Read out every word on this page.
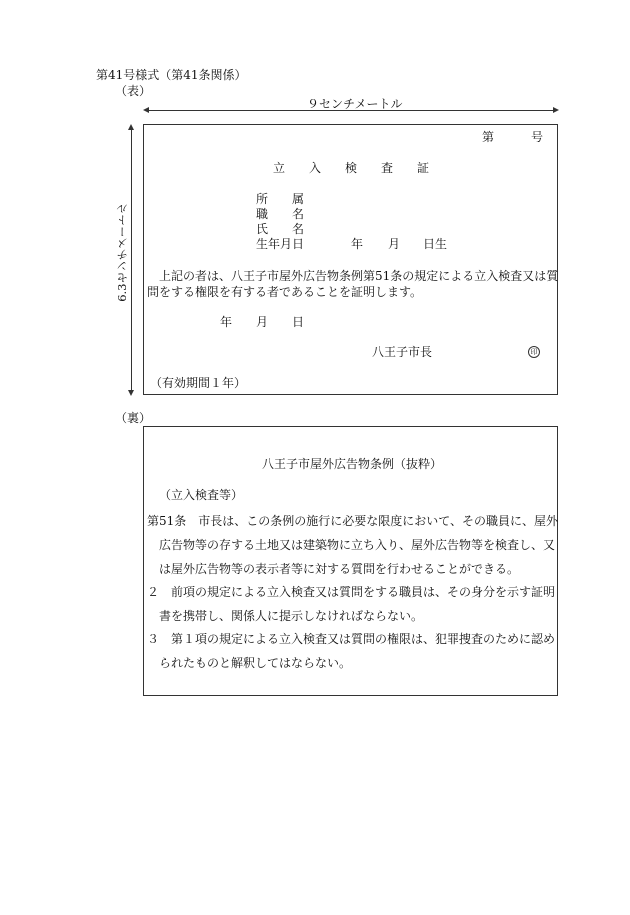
第41号様式（第41条関係）
（表）
９センチメートル
6.3センチメートル
第	号
立 入 検 査 証
所 属
職 名
氏 名
生年月日	年 月 日生
上記の者は、八王子市屋外広告物条例第51条の規定による立入検査又は質
問をする権限を有する者であることを証明します。
年 月 日
八王子市長	印
（有効期間１年）
（裏）
八王子市屋外広告物条例（抜粋）
（立入検査等）
第51条　市長は、この条例の施行に必要な限度において、その職員に、屋外
広告物等の存する土地又は建築物に立ち入り、屋外広告物等を検査し、又
は屋外広告物等の表示者等に対する質問を行わせることができる。
２　前項の規定による立入検査又は質問をする職員は、その身分を示す証明
書を携帯し、関係人に提示しなければならない。
３　第１項の規定による立入検査又は質問の権限は、犯罪捜査のために認め
られたものと解釈してはならない。
